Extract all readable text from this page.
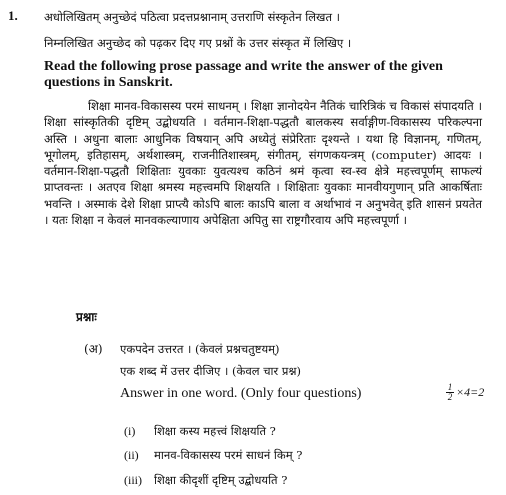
1. अधोलिखितम् अनुच्छेदं पठित्वा प्रदत्तप्रश्नानाम् उत्तराणि संस्कृतेन लिखत ।
निम्नलिखित अनुच्छेद को पढ़कर दिए गए प्रश्नों के उत्तर संस्कृत में लिखिए ।
Read the following prose passage and write the answer of the given
questions in Sanskrit.

शिक्षा मानव-विकासस्य परमं साधनम् । शिक्षा ज्ञानोदयेन नैतिकं चारित्रिकं च विकासं संपादयति । शिक्षा सांस्कृतिकी दृष्टिम् उद्बोधयति । वर्तमान-शिक्षा-पद्धतौ बालकस्य सर्वाङ्गीण-विकासस्य परिकल्पना अस्ति । अधुना बालाः आधुनिक विषयान् अपि अध्येतुं संप्रेरिताः दृश्यन्ते । यथा हि विज्ञानम्, गणितम्, भूगोलम्, इतिहासम्, अर्थशास्त्रम्, राजनीतिशास्त्रम्, संगीतम्, संगणकयन्त्रम् (computer) आदयः । वर्तमान-शिक्षा-पद्धतौ शिक्षिताः युवकाः युवत्यश्च कठिनं श्रमं कृत्वा स्व-स्व क्षेत्रे महत्त्वपूर्णम् साफल्यं प्राप्तवन्तः । अतएव शिक्षा श्रमस्य महत्त्वमपि शिक्षयति । शिक्षिताः युवकाः मानवीयगुणान् प्रति आकर्षिताः भवन्ति । अस्माकं देशे शिक्षा प्राप्त्यै कोऽपि बालः काऽपि बाला व अर्थाभावं न अनुभवेत् इति शासनं प्रयतेत । यतः शिक्षा न केवलं मानवकल्याणाय अपेक्षिता अपितु सा राष्ट्रगौरवाय अपि महत्त्वपूर्णा ।

प्रश्नाः
(अ) एकपदेन उत्तरत । (केवलं प्रश्नचतुष्टयम्)
एक शब्द में उत्तर दीजिए । (केवल चार प्रश्न)
Answer in one word. (Only four questions)	$\frac{1}{2} \times 4=2$
(i) शिक्षा कस्य महत्त्वं शिक्षयति ?
(ii) मानव-विकासस्य परमं साधनं किम् ?
(iii) शिक्षा कीदृशीं दृष्टिम् उद्बोधयति ?
